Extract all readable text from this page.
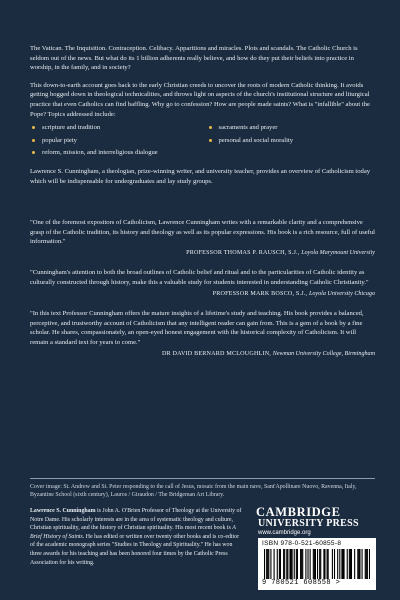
The Vatican. The Inquisition. Contraception. Celibacy. Apparitions and miracles. Plots and scandals. The Catholic Church is seldom out of the news. But what do its 1 billion adherents really believe, and how do they put their beliefs into practice in worship, in the family, and in society?

This down-to-earth account goes back to the early Christian creeds to uncover the roots of modern Catholic thinking. It avoids getting bogged down in theological technicalities, and throws light on aspects of the church's institutional structure and liturgical practice that even Catholics can find baffling. Why go to confession? How are people made saints? What is "infallible" about the Pope? Topics addressed include:

scripture and tradition	sacraments and prayer
popular piety	personal and social morality
reform, mission, and interreligious dialogue

Lawrence S. Cunningham, a theologian, prize-winning writer, and university teacher, provides an overview of Catholicism today which will be indispensable for undergraduates and lay study groups.

"One of the foremost expositors of Catholicism, Lawrence Cunningham writes with a remarkable clarity and a comprehensive grasp of the Catholic tradition, its history and theology as well as its popular expressions. His book is a rich resource, full of useful information."
PROFESSOR THOMAS P. RAUSCH, S.J., Loyola Marymount University
"Cunningham's attention to both the broad outlines of Catholic belief and ritual and to the particularities of Catholic identity as culturally constructed through history, make this a valuable study for students interested in understanding Catholic Christianity."
PROFESSOR MARK BOSCO, S.J., Loyola University Chicago
"In this text Professor Cunningham offers the mature insights of a lifetime's study and teaching. His book provides a balanced, perceptive, and trustworthy account of Catholicism that any intelligent reader can gain from. This is a gem of a book by a fine scholar. He shares, compassionately, an open-eyed honest engagement with the historical complexity of Catholicism. It will remain a standard text for years to come."
DR DAVID BERNARD MCLOUGHLIN, Newman University College, Birmingham
Cover image: St. Andrew and St. Peter responding to the call of Jesus, mosaic from the main nave, Sant'Apollinare Nuovo, Ravenna, Italy, Byzantine School (sixth century), Lauros / Giraudon / The Bridgeman Art Library.
Lawrence S. Cunningham is John A. O'Brien Professor of Theology at the University of Notre Dame. His scholarly interests are in the area of systematic theology and culture, Christian spirituality, and the history of Christian spirituality. His most recent book is A Brief History of Saints. He has edited or written over twenty other books and is co-editor of the academic monograph series "Studies in Theology and Spirituality." He has won three awards for his teaching and has been honored four times by the Catholic Press Association for his writing.
CAMBRIDGE
UNIVERSITY PRESS
www.cambridge.org
ISBN 978-0-521-60855-8
9 780521 608558 >
